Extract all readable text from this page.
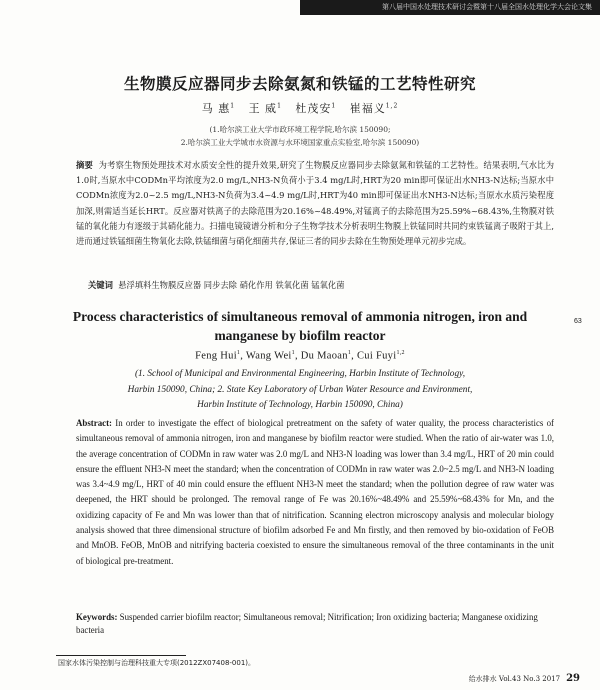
第八届中国水处理技术研讨会暨第十八届全国水处理化学大会论文集
生物膜反应器同步去除氨氮和铁锰的工艺特性研究
马 惠$^1$ 王 威$^1$ 杜茂安$^1$ 崔福义$^{1,2}$
(1.哈尔滨工业大学市政环境工程学院,哈尔滨 150090;
2.哈尔滨工业大学城市水资源与水环境国家重点实验室,哈尔滨 150090)
摘要 为考察生物预处理技术对水质安全性的提升效果,研究了生物膜反应器同步去除氨氮和铁锰的工艺特性。结果表明,气水比为1.0时,当原水中CODMn平均浓度为2.0 mg/L,NH3-N负荷小于3.4 mg/L时,HRT为20 min即可保证出水NH3-N达标;当原水中CODMn浓度为2.0~2.5 mg/L,NH3-N负荷为3.4~4.9 mg/L时,HRT为40 min即可保证出水NH3-N达标;当原水水质污染程度加深,则需适当延长HRT。反应器对铁离子的去除范围为20.16%~48.49%,对锰离子的去除范围为25.59%~68.43%,生物膜对铁锰的氧化能力有逐级于其硝化能力。扫描电镜镜谱分析和分子生物学技术分析表明生物膜上铁锰同时共同约束铁锰离子吸附于其上,进而通过铁锰细菌生物氧化去除,铁锰细菌与硝化细菌共存,保证三者的同步去除在生物预处理单元初步完成。
关键词 悬浮填料生物膜反应器 同步去除 硝化作用 铁氧化菌 锰氧化菌
Process characteristics of simultaneous removal of ammonia nitrogen, iron and manganese by biofilm reactor
Feng Hui$^1$, Wang Wei$^1$, Du Maoan$^1$, Cui Fuyi$^{1,2}$
(1. School of Municipal and Environmental Engineering, Harbin Institute of Technology,
Harbin 150090, China; 2. State Key Laboratory of Urban Water Resource and Environment,
Harbin Institute of Technology, Harbin 150090, China)
Abstract: In order to investigate the effect of biological pretreatment on the safety of water quality, the process characteristics of simultaneous removal of ammonia nitrogen, iron and manganese by biofilm reactor were studied. When the ratio of air-water was 1.0, the average concentration of CODMn in raw water was 2.0 mg/L and NH3-N loading was lower than 3.4 mg/L, HRT of 20 min could ensure the effluent NH3-N meet the standard; when the concentration of CODMn in raw water was 2.0~2.5 mg/L and NH3-N loading was 3.4~4.9 mg/L, HRT of 40 min could ensure the effluent NH3-N meet the standard; when the pollution degree of raw water was deepened, the HRT should be prolonged. The removal range of Fe was 20.16%~48.49% and 25.59%~68.43% for Mn, and the oxidizing capacity of Fe and Mn was lower than that of nitrification. Scanning electron microscopy analysis and molecular biology analysis showed that three dimensional structure of biofilm adsorbed Fe and Mn firstly, and then removed by bio-oxidation of FeOB and MnOB. FeOB, MnOB and nitrifying bacteria coexisted to ensure the simultaneous removal of the three contaminants in the unit of biological pre-treatment.
Keywords: Suspended carrier biofilm reactor; Simultaneous removal; Nitrification; Iron oxidizing bacteria; Manganese oxidizing bacteria
63
国家水体污染控制与治理科技重大专项(2012ZX07408-001)。
给水排水 Vol.43 No.3 2017 29
